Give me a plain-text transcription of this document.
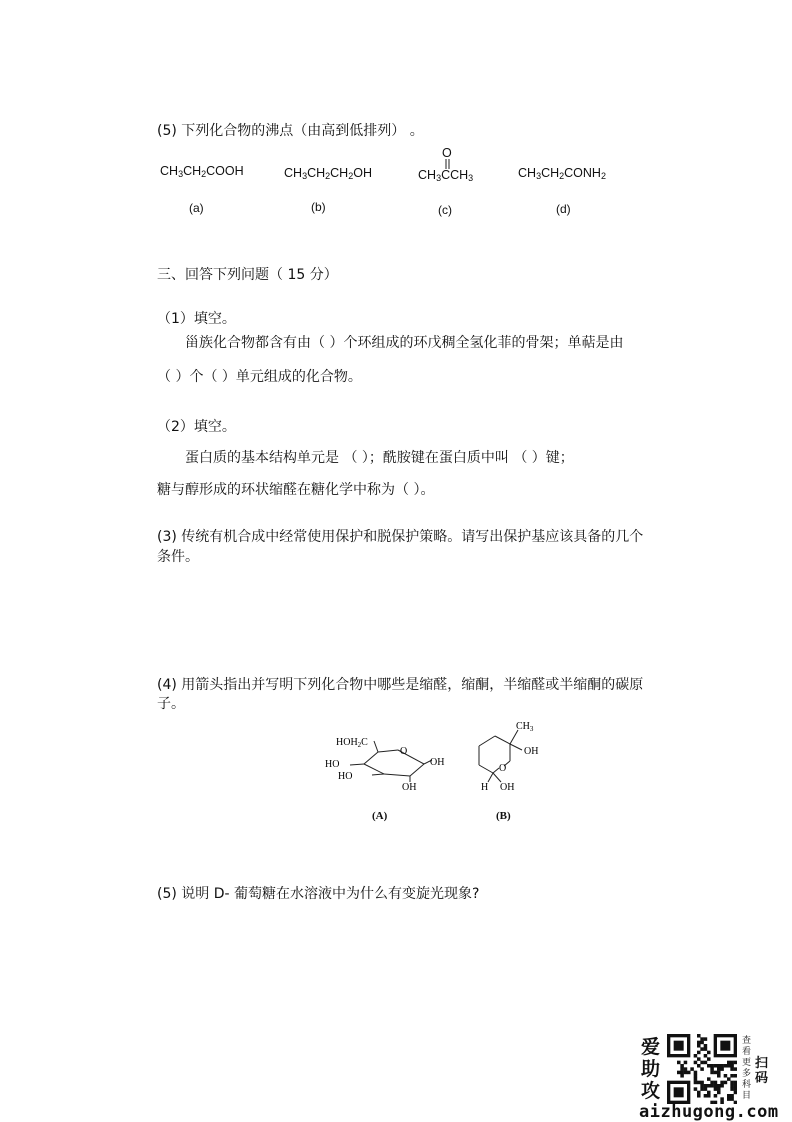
(5) 下列化合物的沸点（由高到低排列） 。
$CH_3CH_2COOH$	$CH_3CH_2CH_2OH$
O
$CH_3CCH_3$	$CH_3CH_2CONH_2$
(a)	(b)	(c)	(d)
三、回答下列问题（ 15 分）
（1）填空。
甾族化合物都含有由（ ）个环组成的环戊稠全氢化菲的骨架；单萜是由
（ ）个（ ）单元组成的化合物。
（2）填空。
蛋白质的基本结构单元是 （ ）；酰胺键在蛋白质中叫 （ ）键；
糖与醇形成的环状缩醛在糖化学中称为（ ）。
(3) 传统有机合成中经常使用保护和脱保护策略。请写出保护基应该具备的几个
条件。
(4) 用箭头指出并写明下列化合物中哪些是缩醛，缩酮，半缩醛或半缩酮的碳原
子。
$HOH_2C$
O
HO
HO
OH
OH
(A)
$CH_3$
OH
O
H OH
(B)
(5) 说明 D- 葡萄糖在水溶液中为什么有变旋光现象?
爱
助
攻
查看更多科目
扫码
aizhugong.com
